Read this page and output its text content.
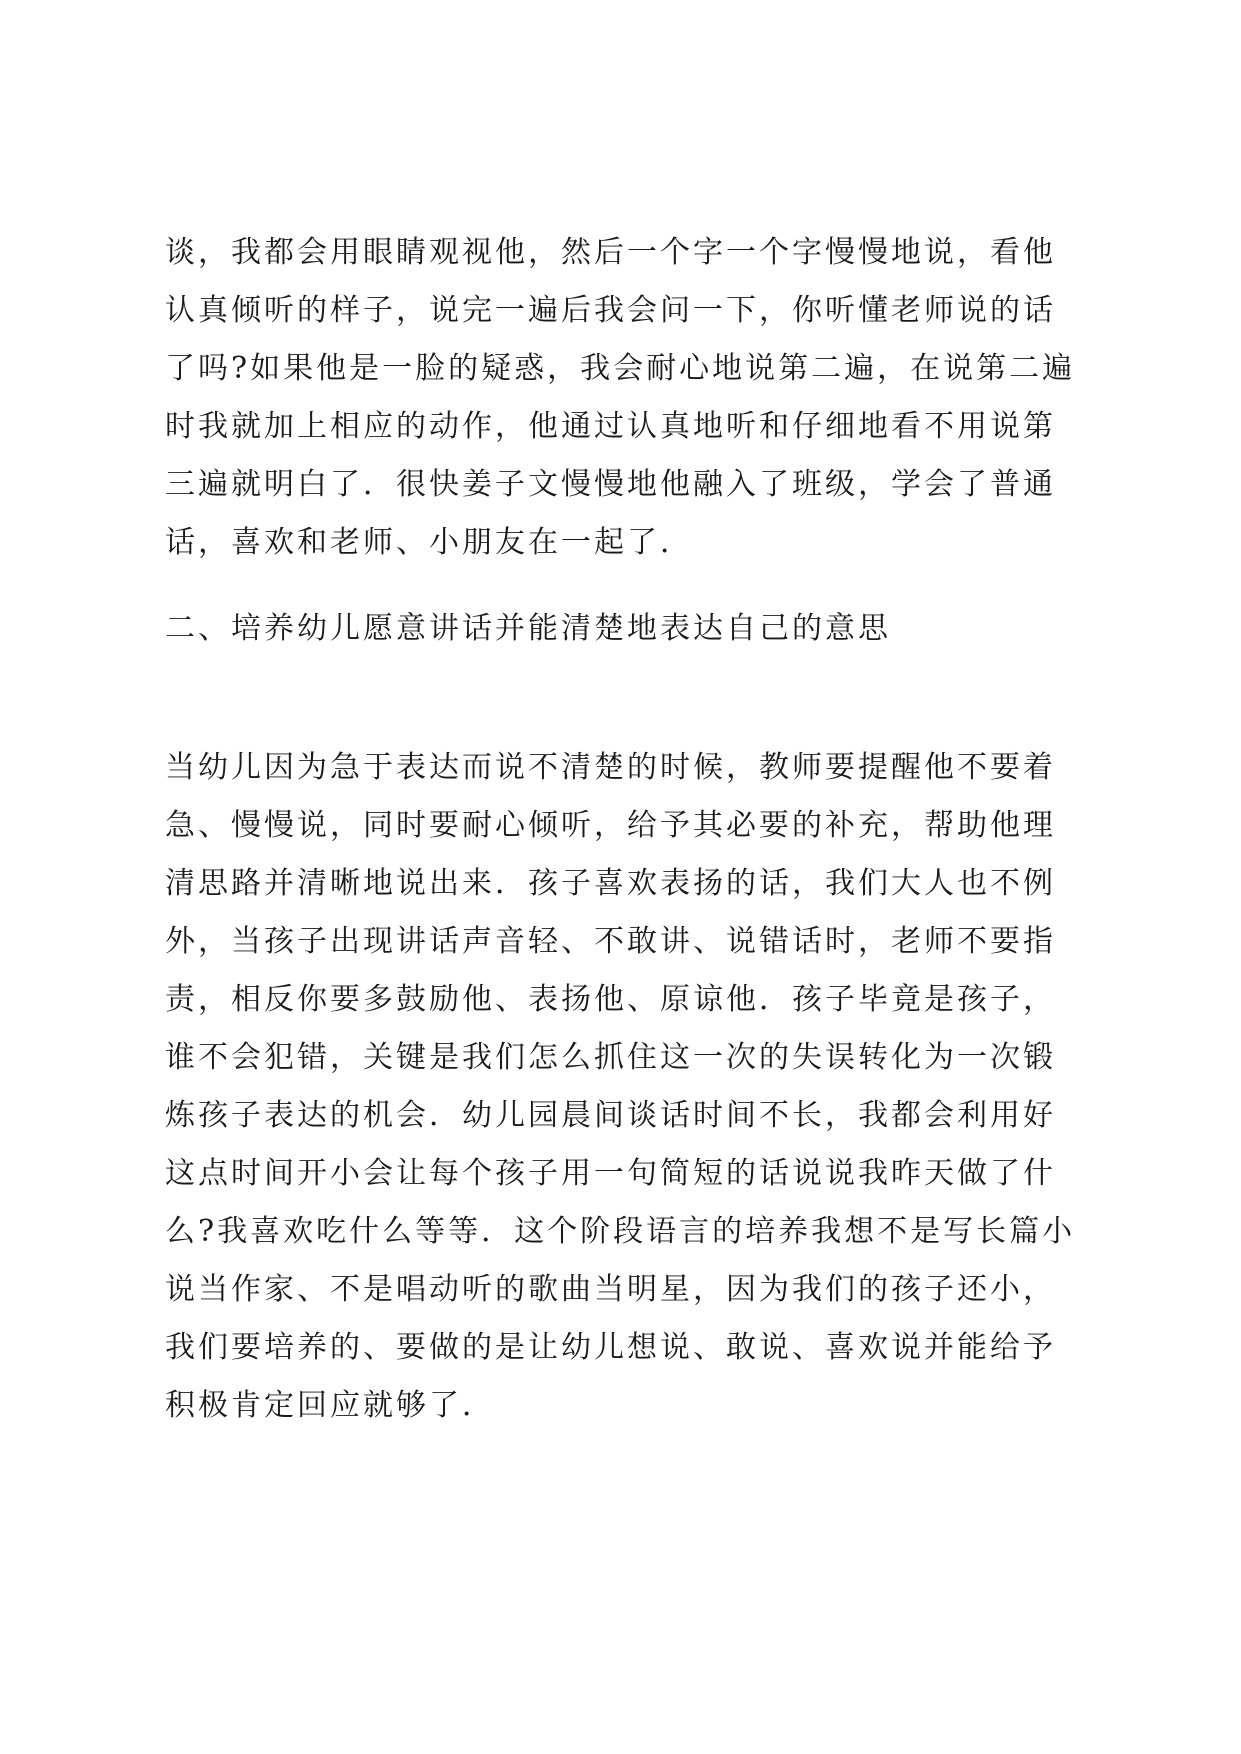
谈，我都会用眼睛观视他，然后一个字一个字慢慢地说，看他
认真倾听的样子，说完一遍后我会问一下，你听懂老师说的话
了吗?如果他是一脸的疑惑，我会耐心地说第二遍，在说第二遍
时我就加上相应的动作，他通过认真地听和仔细地看不用说第
三遍就明白了．很快姜子文慢慢地他融入了班级，学会了普通
话，喜欢和老师、小朋友在一起了．
二、培养幼儿愿意讲话并能清楚地表达自己的意思
当幼儿因为急于表达而说不清楚的时候，教师要提醒他不要着
急、慢慢说，同时要耐心倾听，给予其必要的补充，帮助他理
清思路并清晰地说出来．孩子喜欢表扬的话，我们大人也不例
外，当孩子出现讲话声音轻、不敢讲、说错话时，老师不要指
责，相反你要多鼓励他、表扬他、原谅他．孩子毕竟是孩子，
谁不会犯错，关键是我们怎么抓住这一次的失误转化为一次锻
炼孩子表达的机会．幼儿园晨间谈话时间不长，我都会利用好
这点时间开小会让每个孩子用一句简短的话说说我昨天做了什
么?我喜欢吃什么等等．这个阶段语言的培养我想不是写长篇小
说当作家、不是唱动听的歌曲当明星，因为我们的孩子还小，
我们要培养的、要做的是让幼儿想说、敢说、喜欢说并能给予
积极肯定回应就够了．
